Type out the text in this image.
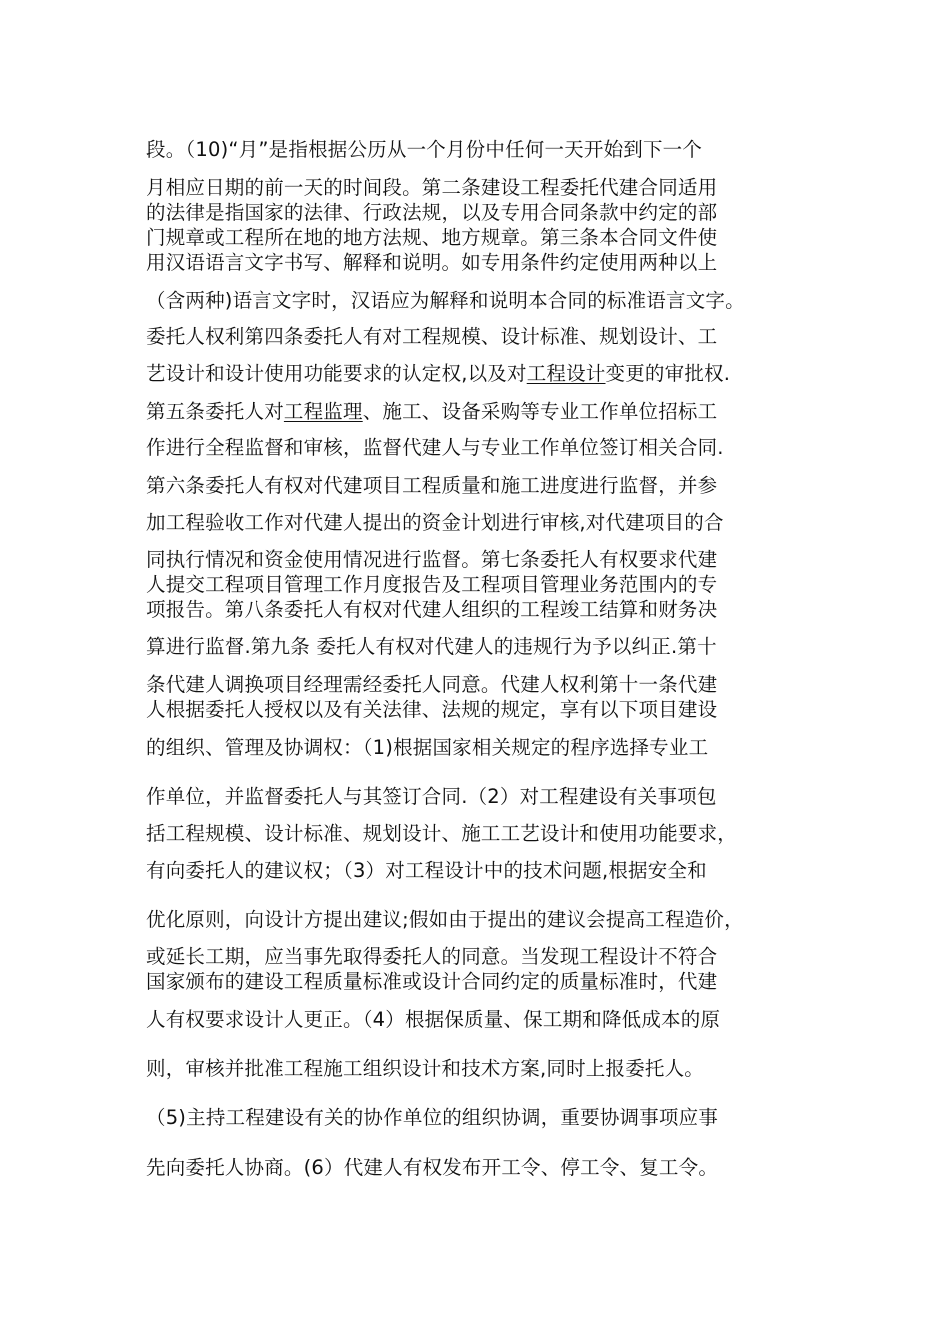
段。（10)“月”是指根据公历从一个月份中任何一天开始到下一个
月相应日期的前一天的时间段。第二条建设工程委托代建合同适用
的法律是指国家的法律、行政法规，以及专用合同条款中约定的部
门规章或工程所在地的地方法规、地方规章。第三条本合同文件使
用汉语语言文字书写、解释和说明。如专用条件约定使用两种以上
（含两种)语言文字时，汉语应为解释和说明本合同的标准语言文字。
委托人权利第四条委托人有对工程规模、设计标准、规划设计、工
艺设计和设计使用功能要求的认定权,以及对工程设计变更的审批权.
第五条委托人对工程监理、施工、设备采购等专业工作单位招标工
作进行全程监督和审核，监督代建人与专业工作单位签订相关合同.
第六条委托人有权对代建项目工程质量和施工进度进行监督，并参
加工程验收工作对代建人提出的资金计划进行审核,对代建项目的合
同执行情况和资金使用情况进行监督。第七条委托人有权要求代建
人提交工程项目管理工作月度报告及工程项目管理业务范围内的专
项报告。第八条委托人有权对代建人组织的工程竣工结算和财务决
算进行监督.第九条 委托人有权对代建人的违规行为予以纠正.第十
条代建人调换项目经理需经委托人同意。代建人权利第十一条代建
人根据委托人授权以及有关法律、法规的规定，享有以下项目建设
的组织、管理及协调权：（1)根据国家相关规定的程序选择专业工
作单位，并监督委托人与其签订合同.（2）对工程建设有关事项包
括工程规模、设计标准、规划设计、施工工艺设计和使用功能要求，
有向委托人的建议权；（3）对工程设计中的技术问题,根据安全和
优化原则，向设计方提出建议;假如由于提出的建议会提高工程造价，
或延长工期，应当事先取得委托人的同意。当发现工程设计不符合
国家颁布的建设工程质量标准或设计合同约定的质量标准时，代建
人有权要求设计人更正。（4）根据保质量、保工期和降低成本的原
则，审核并批准工程施工组织设计和技术方案,同时上报委托人。
（5)主持工程建设有关的协作单位的组织协调，重要协调事项应事
先向委托人协商。(6）代建人有权发布开工令、停工令、复工令。
